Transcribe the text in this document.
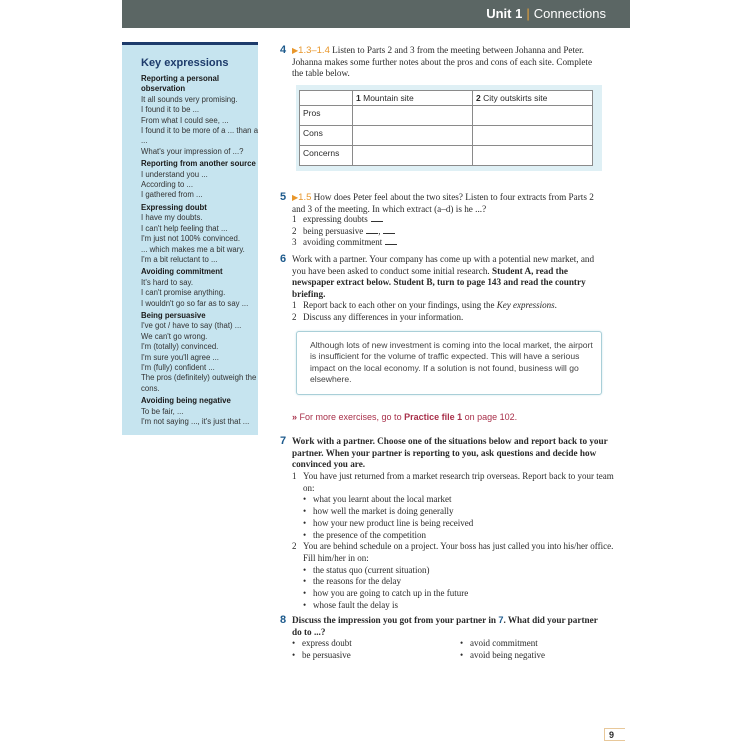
Unit 1 | Connections
Key expressions
Reporting a personal observation
It all sounds very promising.
I found it to be ...
From what I could see, ...
I found it to be more of a ... than a ...
What's your impression of ...?
Reporting from another source
I understand you ...
According to ...
I gathered from ...
Expressing doubt
I have my doubts.
I can't help feeling that ...
I'm just not 100% convinced.
... which makes me a bit wary.
I'm a bit reluctant to ...
Avoiding commitment
It's hard to say.
I can't promise anything.
I wouldn't go so far as to say ...
Being persuasive
I've got / have to say (that) ...
We can't go wrong.
I'm (totally) convinced.
I'm sure you'll agree ...
I'm (fully) confident ...
The pros (definitely) outweigh the cons.
Avoiding being negative
To be fair, ...
I'm not saying ..., it's just that ...
4 ▶1.3–1.4 Listen to Parts 2 and 3 from the meeting between Johanna and Peter. Johanna makes some further notes about the pros and cons of each site. Complete the table below.
	1 Mountain site	2 City outskirts site
Pros		
Cons		
Concerns		
5 ▶1.5 How does Peter feel about the two sites? Listen to four extracts from Parts 2 and 3 of the meeting. In which extract (a–d) is he ...?
1 expressing doubts
2 being persuasive ,
3 avoiding commitment
6 Work with a partner. Your company has come up with a potential new market, and you have been asked to conduct some initial research. Student A, read the newspaper extract below. Student B, turn to page 143 and read the country briefing.
1 Report back to each other on your findings, using the Key expressions.
2 Discuss any differences in your information.
Although lots of new investment is coming into the local market, the airport is insufficient for the volume of traffic expected. This will have a serious impact on the local economy. If a solution is not found, business will go elsewhere.
» For more exercises, go to Practice file 1 on page 102.
7 Work with a partner. Choose one of the situations below and report back to your partner. When your partner is reporting to you, ask questions and decide how convinced you are.
1 You have just returned from a market research trip overseas. Report back to your team on:
• what you learnt about the local market
• how well the market is doing generally
• how your new product line is being received
• the presence of the competition
2 You are behind schedule on a project. Your boss has just called you into his/her office. Fill him/her in on:
• the status quo (current situation)
• the reasons for the delay
• how you are going to catch up in the future
• whose fault the delay is
8 Discuss the impression you got from your partner in 7. What did your partner do to ...?
• express doubt
• be persuasive
• avoid commitment
• avoid being negative
9
